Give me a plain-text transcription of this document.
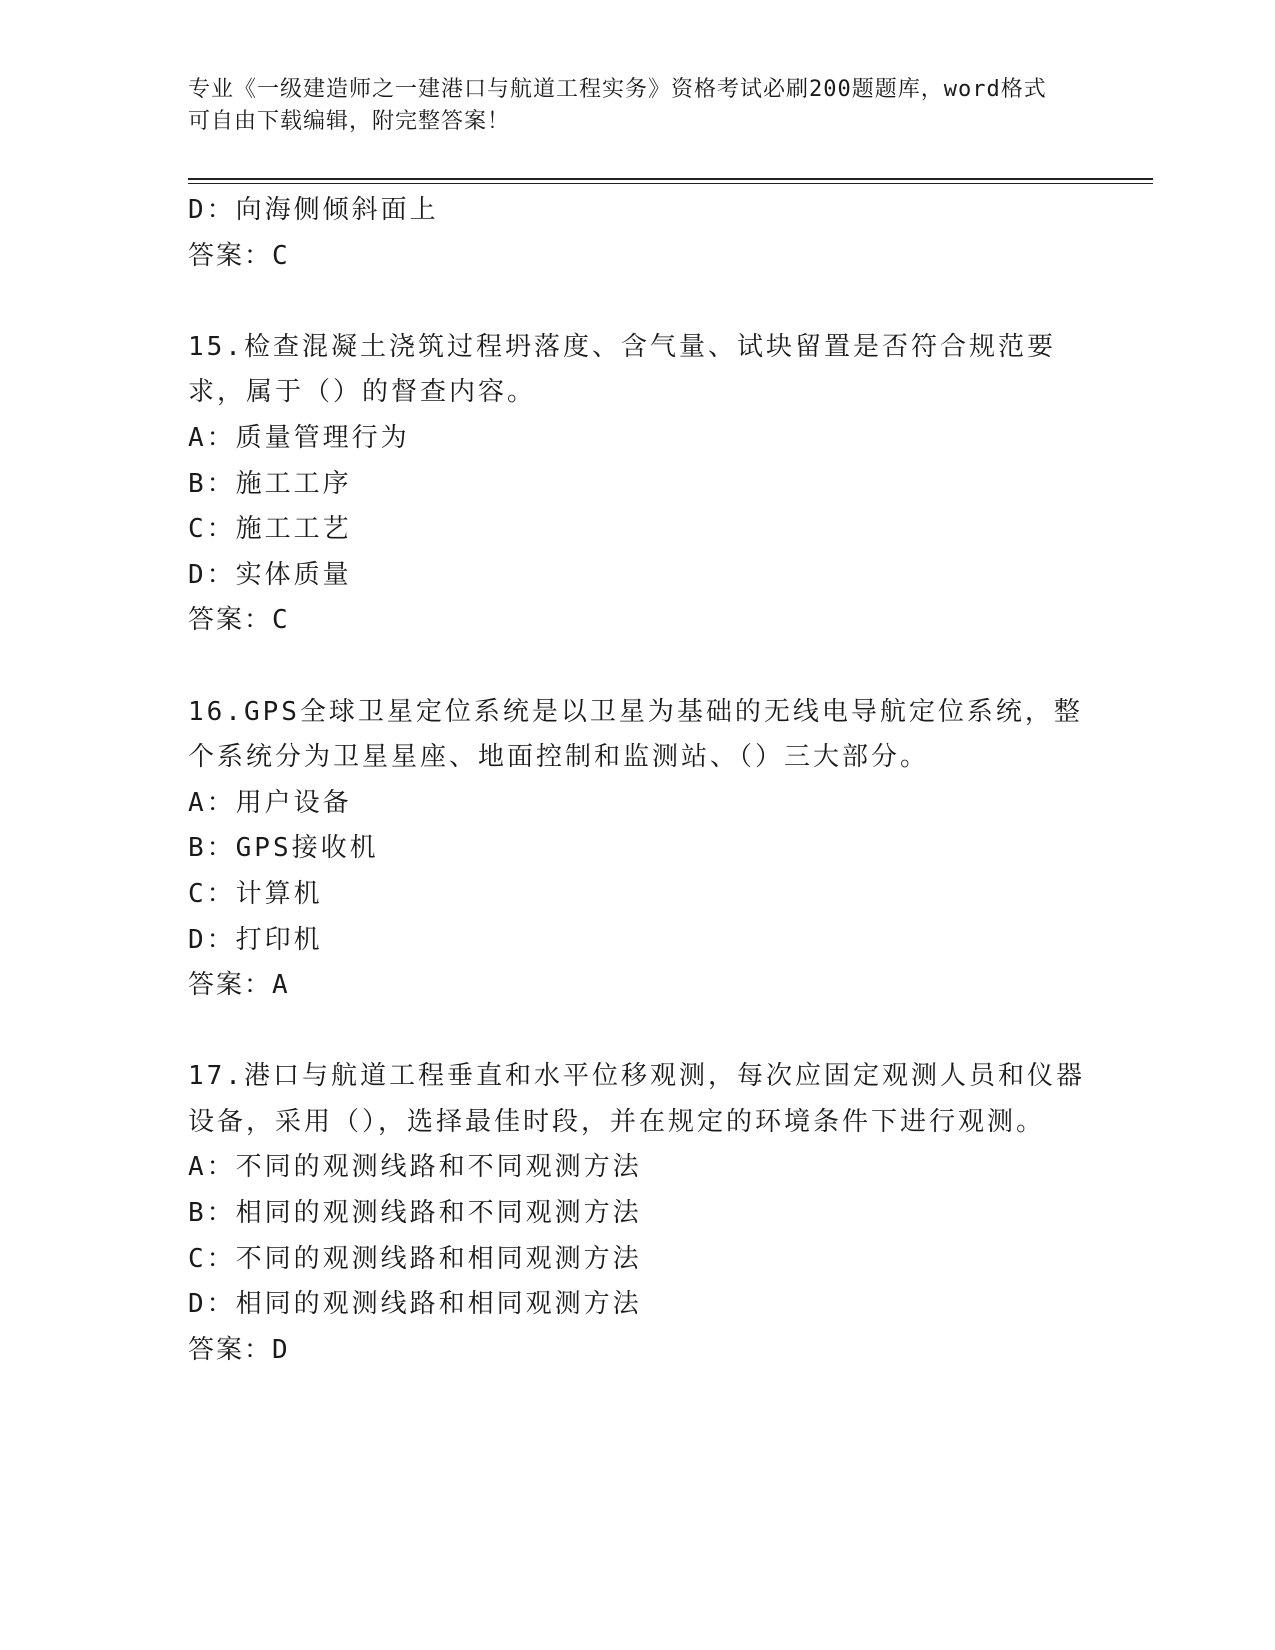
专业《一级建造师之一建港口与航道工程实务》资格考试必刷200题题库，word格式可自由下载编辑，附完整答案！
D：向海侧倾斜面上
答案：C
15.检查混凝土浇筑过程坍落度、含气量、试块留置是否符合规范要求，属于（）的督查内容。
A：质量管理行为
B：施工工序
C：施工工艺
D：实体质量
答案：C
16.GPS全球卫星定位系统是以卫星为基础的无线电导航定位系统，整个系统分为卫星星座、地面控制和监测站、（）三大部分。
A：用户设备
B：GPS接收机
C：计算机
D：打印机
答案：A
17.港口与航道工程垂直和水平位移观测，每次应固定观测人员和仪器设备，采用（），选择最佳时段，并在规定的环境条件下进行观测。
A：不同的观测线路和不同观测方法
B：相同的观测线路和不同观测方法
C：不同的观测线路和相同观测方法
D：相同的观测线路和相同观测方法
答案：D
